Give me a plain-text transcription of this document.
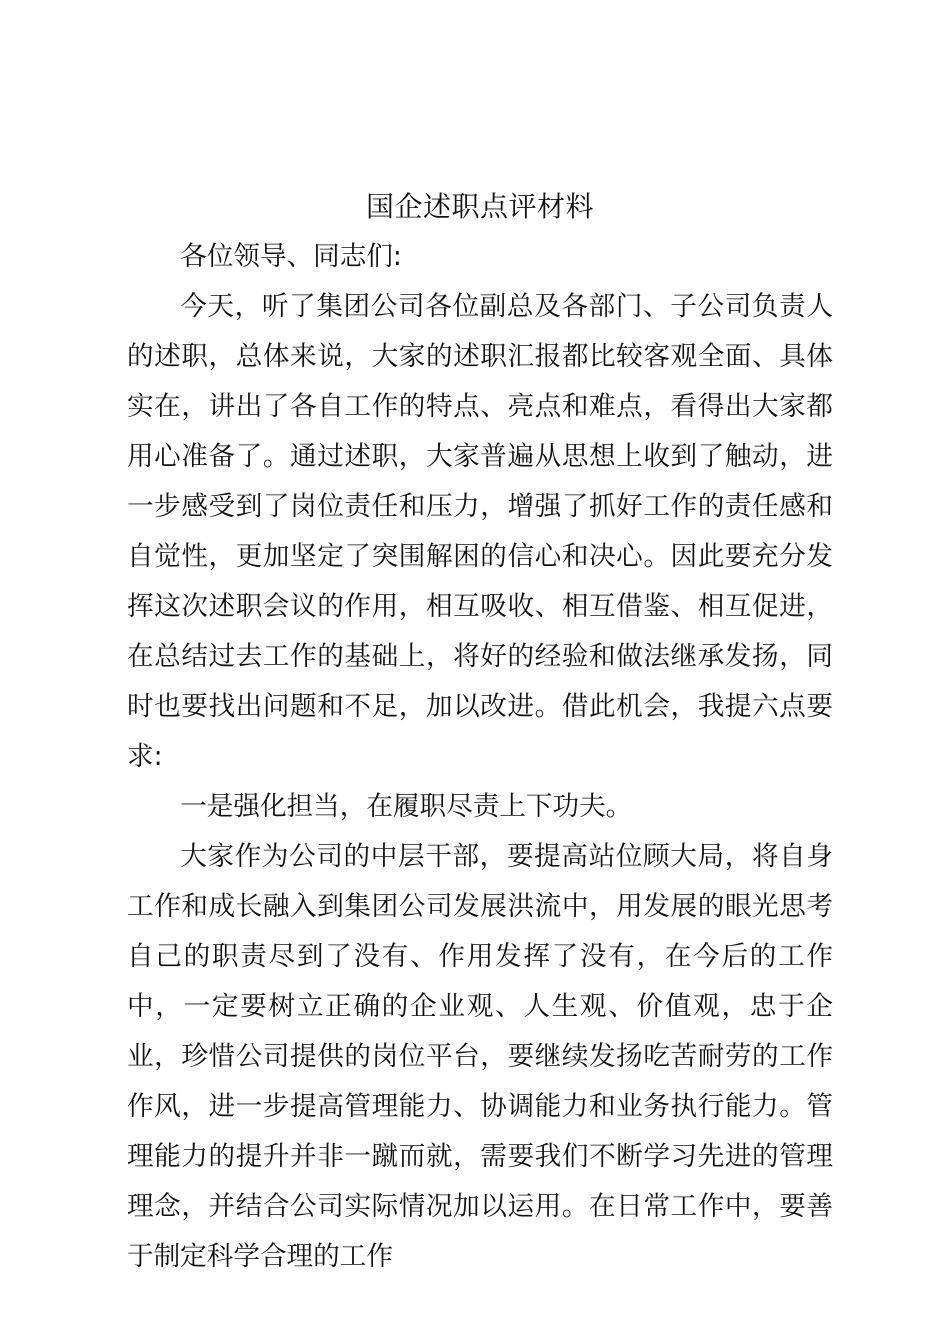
国企述职点评材料

各位领导、同志们:

今天，听了集团公司各位副总及各部门、子公司负责人的述职，总体来说，大家的述职汇报都比较客观全面、具体实在，讲出了各自工作的特点、亮点和难点，看得出大家都用心准备了。通过述职，大家普遍从思想上收到了触动，进一步感受到了岗位责任和压力，增强了抓好工作的责任感和自觉性，更加坚定了突围解困的信心和决心。因此要充分发挥这次述职会议的作用，相互吸收、相互借鉴、相互促进，在总结过去工作的基础上，将好的经验和做法继承发扬，同时也要找出问题和不足，加以改进。借此机会，我提六点要求:

一是强化担当，在履职尽责上下功夫。

大家作为公司的中层干部，要提高站位顾大局，将自身工作和成长融入到集团公司发展洪流中，用发展的眼光思考自己的职责尽到了没有、作用发挥了没有，在今后的工作中，一定要树立正确的企业观、人生观、价值观，忠于企业，珍惜公司提供的岗位平台，要继续发扬吃苦耐劳的工作作风，进一步提高管理能力、协调能力和业务执行能力。管理能力的提升并非一蹴而就，需要我们不断学习先进的管理理念，并结合公司实际情况加以运用。在日常工作中，要善于制定科学合理的工作
